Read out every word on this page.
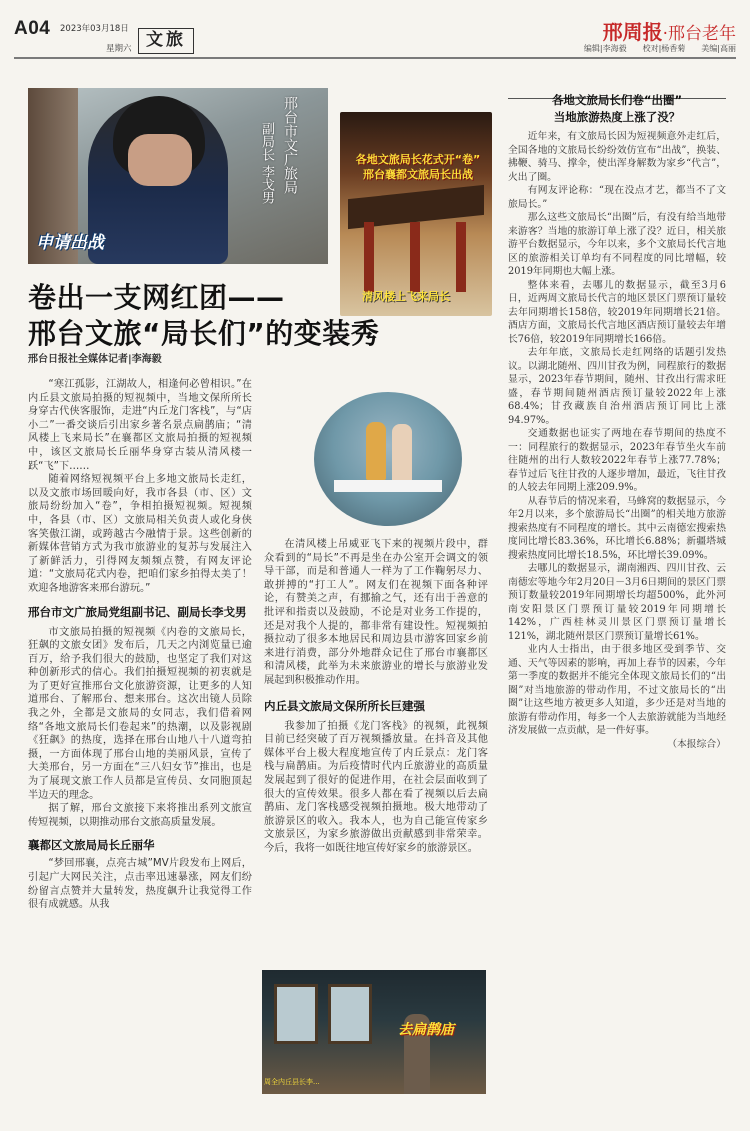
A04 2023年03月18日
星期六 文旅	邢周报·邢台老年
编辑|李海毅　　校对|杨香菊　　美编|高丽
申请出战
邢台市文广旅局
副局长 李戈男	各地文旅局长花式开“卷”
邢台襄都文旅局长出战
清风楼上飞来局长
去扁鹊庙
周全内丘县长李...
卷出一支网红团——
邢台文旅“局长们”的变装秀
邢台日报社全媒体记者|李海毅

“寒江孤影，江湖故人，相逢何必曾相识。”在内丘县文旅局拍摄的短视频中，当地文保所所长身穿古代侠客服饰，走进“内丘龙门客栈”，与“店小二”一番交谈后引出家乡著名景点扁鹊庙；“清风楼上飞来局长”在襄都区文旅局拍摄的短视频中，该区文旅局长丘丽华身穿古装从清风楼一跃“飞”下……

随着网络短视频平台上多地文旅局长走红，以及文旅市场回暖向好，我市各县（市、区）文旅局纷纷加入“卷”，争相拍摄短视频。短视频中，各县（市、区）文旅局相关负责人或化身侠客笑傲江湖，或跨越古今融情于景。这些创新的新媒体营销方式为我市旅游业的复苏与发展注入了新鲜活力，引得网友频频点赞，有网友评论道：“文旅局花式内卷，把咱们家乡拍得太美了！欢迎各地游客来邢台游玩。”

邢台市文广旅局党组副书记、副局长李戈男

市文旅局拍摄的短视频《内卷的文旅局长，狂飙的文旅女团》发布后，几天之内浏览量已逾百万，给予我们很大的鼓励，也坚定了我们对这种创新形式的信心。我们拍摄短视频的初衷就是为了更好宣推邢台文化旅游资源，让更多的人知道邢台、了解邢台、想来邢台。这次出镜人员除我之外，全都是文旅局的女同志，我们借着网络“各地文旅局长们卷起来”的热潮，以及影视剧《狂飙》的热度，选择在邢台山地八十八道弯拍摄，一方面体现了邢台山地的美丽风景，宣传了大美邢台，另一方面在“三八妇女节”推出，也是为了展现文旅工作人员都是宣传员、女同胞顶起半边天的理念。

据了解，邢台文旅接下来将推出系列文旅宣传短视频，以期推动邢台文旅高质量发展。

襄都区文旅局局长丘丽华

“梦回邢襄，点亮古城”MV片段发布上网后，引起广大网民关注，点击率迅速暴涨，网友们纷纷留言点赞并大量转发，热度飙升让我觉得工作很有成就感。从我

在清风楼上吊威亚飞下来的视频片段中，群众看到的“局长”不再是坐在办公室开会调文的领导干部，而是和普通人一样为了工作鞠躬尽力、敢拼搏的“打工人”。网友们在视频下面各种评论，有赞美之声，有挪揄之气，还有出于善意的批评和指责以及鼓励，不论是对业务工作提的，还是对我个人提的，都非常有建设性。短视频拍摄拉动了很多本地居民和周边县市游客回家乡前来进行消费，部分外地群众记住了邢台市襄都区和清风楼，此举为未来旅游业的增长与旅游业发展起到积极推动作用。

内丘县文旅局文保所所长巨建强

我参加了拍摄《龙门客栈》的视频，此视频目前已经突破了百万视频播放量。在抖音及其他媒体平台上极大程度地宣传了内丘景点：龙门客栈与扁鹊庙。为后疫情时代内丘旅游业的高质量发展起到了很好的促进作用，在社会层面收到了很大的宣传效果。很多人都在看了视频以后去扁鹊庙、龙门客栈感受视频拍摄地。极大地带动了旅游景区的收入。我本人，也为自己能宣传家乡文旅景区，为家乡旅游做出贡献感到非常荣幸。今后，我将一如既往地宣传好家乡的旅游景区。

各地文旅局长们卷“出圈”
当地旅游热度上涨了没？

近年来，有文旅局长因为短视频意外走红后，全国各地的文旅局长纷纷效仿宣布“出战”，换装、拂鞭、骑马、撑伞，使出浑身解数为家乡“代言”，火出了圈。

有网友评论称：“现在没点才艺，都当不了文旅局长。”

那么这些文旅局长“出圈”后，有没有给当地带来游客？当地的旅游订单上涨了没？近日，相关旅游平台数据显示，今年以来，多个文旅局长代言地区的旅游相关订单均有不同程度的同比增幅，较2019年同期也大幅上涨。

整体来看，去哪儿的数据显示，截至3月6日，近两周文旅局长代言的地区景区门票预订量较去年同期增长158倍，较2019年同期增长21倍。酒店方面，文旅局长代言地区酒店预订量较去年增长76倍，较2019年同期增长166倍。

去年年底，文旅局长走红网络的话题引发热议。以湖北随州、四川甘孜为例，同程旅行的数据显示，2023年春节期间，随州、甘孜出行需求旺盛，春节期间随州酒店预订量较2022年上涨68.4%；甘孜藏族自治州酒店预订同比上涨94.97%。

交通数据也证实了两地在春节期间的热度不一：同程旅行的数据显示，2023年春节坐火车前往随州的出行人数较2022年春节上涨77.78%；春节过后飞往甘孜的人逐步增加，最近，飞往甘孜的人较去年同期上涨209.9%。

从春节后的情况来看，马蜂窝的数据显示，今年2月以来，多个旅游局长“出圈”的相关地方旅游搜索热度有不同程度的增长。其中云南德宏搜索热度同比增长83.36%，环比增长6.88%；新疆塔城搜索热度同比增长18.5%，环比增长39.09%。

去哪儿的数据显示，湖南湘西、四川甘孜、云南德宏等地今年2月20日－3月6日期间的景区门票预订数量较2019年同期增长均超500%，此外河南安阳景区门票预订量较2019年同期增长142%，广西桂林灵川景区门票预订量增长121%，湖北随州景区门票预订量增长61%。

业内人士指出，由于很多地区受到季节、交通、天气等因素的影响，再加上春节的因素，今年第一季度的数据并不能完全体现文旅局长们的“出圈”对当地旅游的带动作用，不过文旅局长的“出圈”让这些地方被更多人知道，多少还是对当地的旅游有带动作用，每多一个人去旅游就能为当地经济发展做一点贡献，是一件好事。

（本报综合）
